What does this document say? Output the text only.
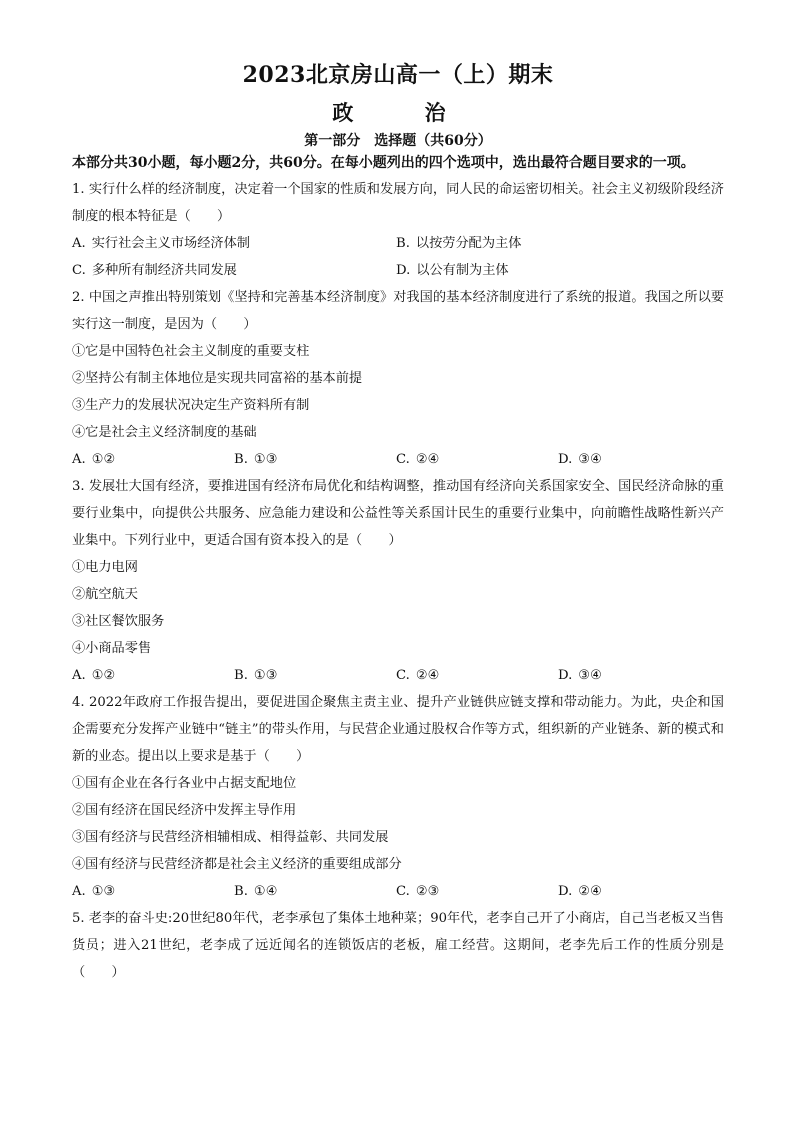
2023北京房山高一（上）期末
政 治
第一部分　选择题（共60分）

本部分共30小题，每小题2分，共60分。在每小题列出的四个选项中，选出最符合题目要求的一项。

1. 实行什么样的经济制度，决定着一个国家的性质和发展方向，同人民的命运密切相关。社会主义初级阶段经济制度的根本特征是（　　）

A. 实行社会主义市场经济体制	B. 以按劳分配为主体
C. 多种所有制经济共同发展	D. 以公有制为主体

2. 中国之声推出特别策划《坚持和完善基本经济制度》对我国的基本经济制度进行了系统的报道。我国之所以要实行这一制度，是因为（　　）

①它是中国特色社会主义制度的重要支柱

②坚持公有制主体地位是实现共同富裕的基本前提

③生产力的发展状况决定生产资料所有制

④它是社会主义经济制度的基础

A. ①②	B. ①③	C. ②④	D. ③④

3. 发展壮大国有经济，要推进国有经济布局优化和结构调整，推动国有经济向关系国家安全、国民经济命脉的重要行业集中，向提供公共服务、应急能力建设和公益性等关系国计民生的重要行业集中，向前瞻性战略性新兴产业集中。下列行业中，更适合国有资本投入的是（　　）

①电力电网

②航空航天

③社区餐饮服务

④小商品零售

A. ①②	B. ①③	C. ②④	D. ③④

4. 2022年政府工作报告提出，要促进国企聚焦主责主业、提升产业链供应链支撑和带动能力。为此，央企和国企需要充分发挥产业链中“链主”的带头作用，与民营企业通过股权合作等方式，组织新的产业链条、新的模式和新的业态。提出以上要求是基于（　　）

①国有企业在各行各业中占据支配地位

②国有经济在国民经济中发挥主导作用

③国有经济与民营经济相辅相成、相得益彰、共同发展

④国有经济与民营经济都是社会主义经济的重要组成部分

A. ①③	B. ①④	C. ②③	D. ②④

5. 老李的奋斗史:20世纪80年代，老李承包了集体土地种菜；90年代，老李自己开了小商店，自己当老板又当售货员；进入21世纪，老李成了远近闻名的连锁饭店的老板，雇工经营。这期间，老李先后工作的性质分别是（　　）
